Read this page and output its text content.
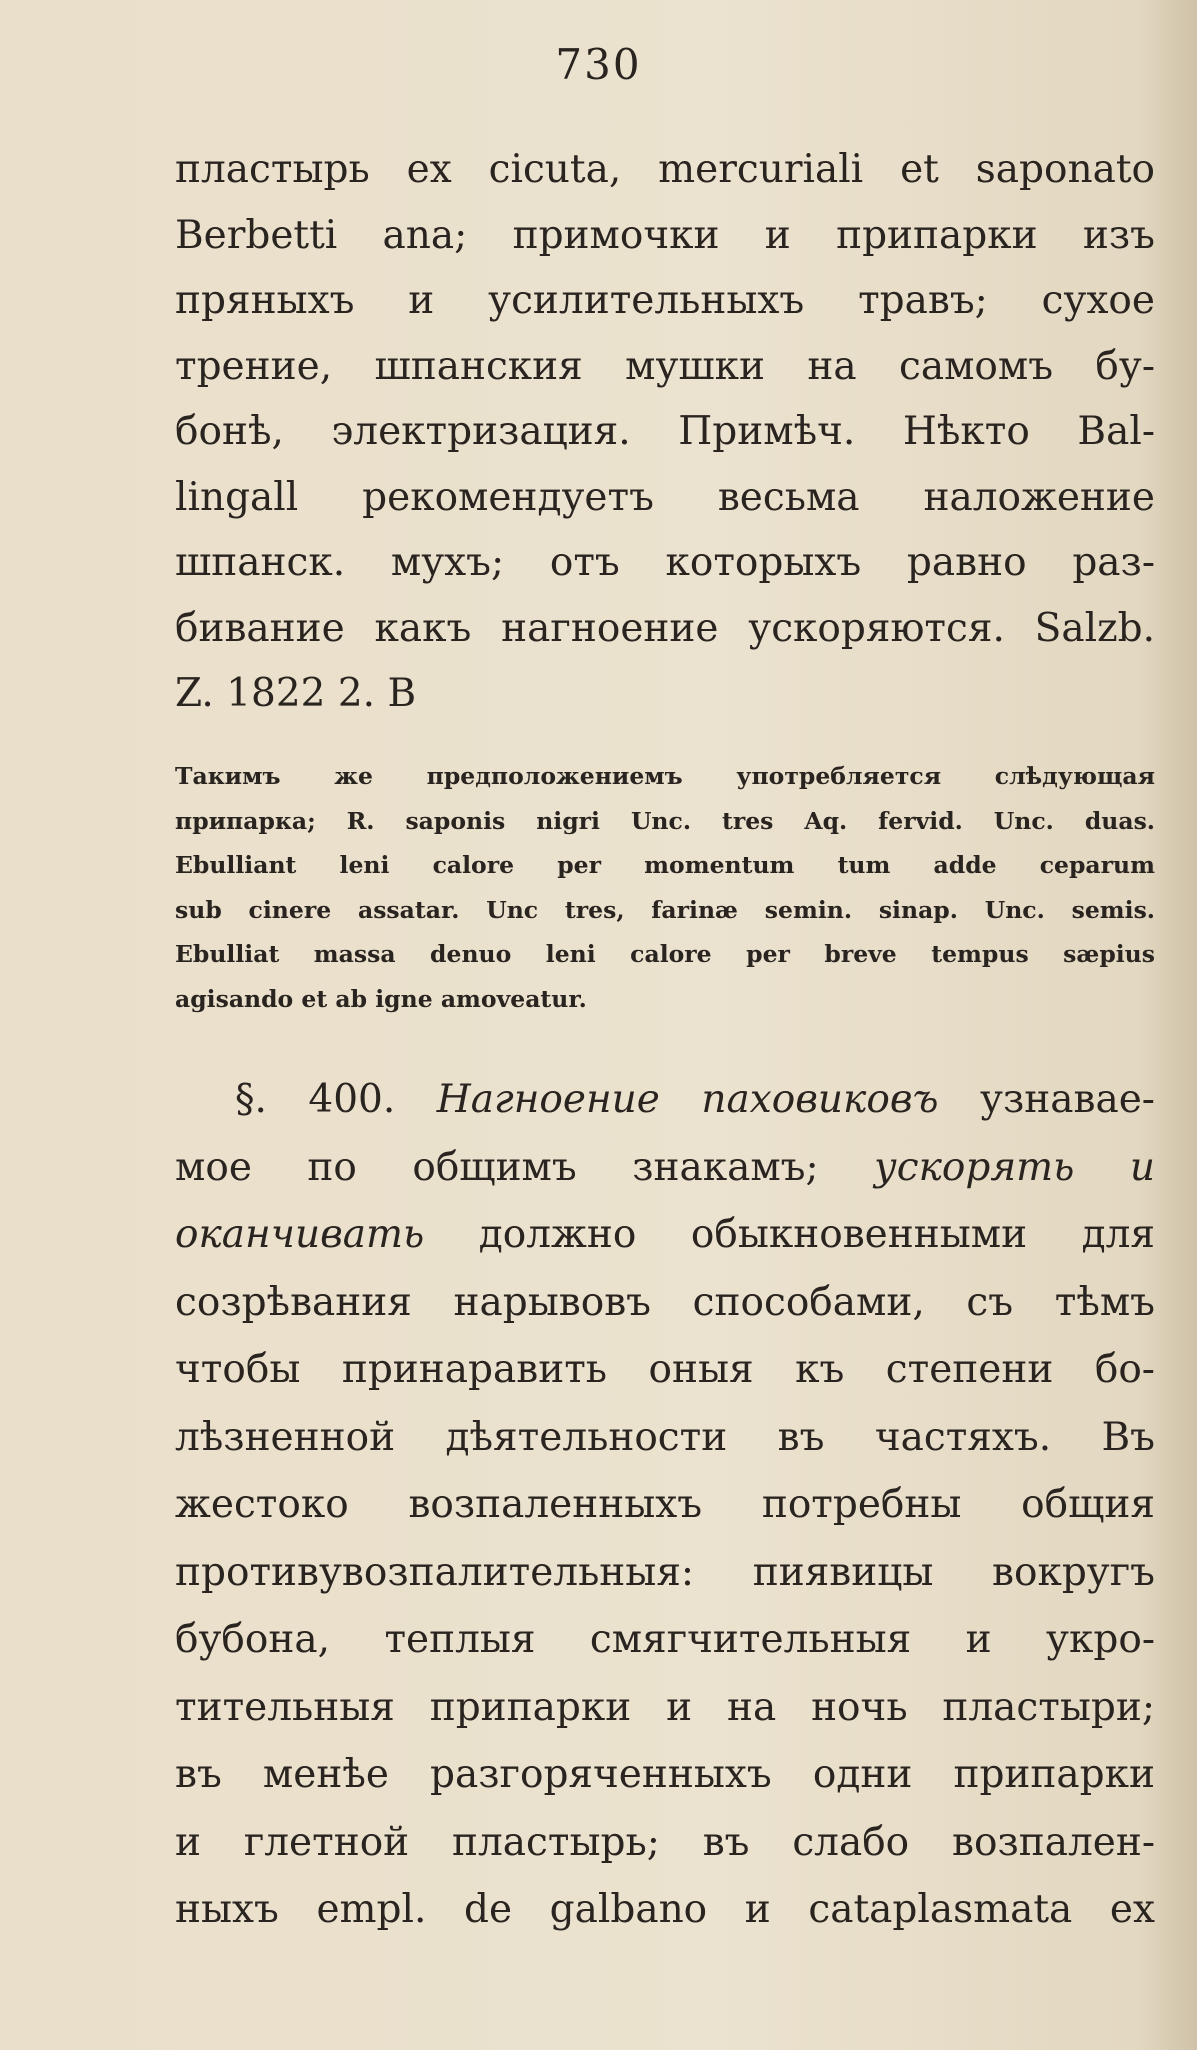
730
пластырь ex cicuta, mercuriali et saponato
Berbetti ana; примочки и припарки изъ
пряныхъ и усилительныхъ травъ; сухое
трение, шпанския мушки на самомъ бу-
бонѣ, электризация. Примѣч. Нѣкто Bal-
lingall рекомендуетъ весьма наложение
шпанск. мухъ; отъ которыхъ равно раз-
бивание какъ нагноение ускоряются. Salzb.
Z. 1822 2. B
Такимъ же предположениемъ употребляется слѣдующая
припарка; R. saponis nigri Unc. tres Aq. fervid. Unc. duas.
Ebulliant leni calore per momentum tum adde ceparum
sub cinere assatar. Unc tres, farinæ semin. sinap. Unc. semis.
Ebulliat massa denuo leni calore per breve tempus sæpius
agisando et ab igne amoveatur.
§. 400. Нагноение паховиковъ узнавае-
мое по общимъ знакамъ; ускорять и
оканчивать должно обыкновенными для
созрѣвания нарывовъ способами, съ тѣмъ
чтобы принаравить оныя къ степени бо-
лѣзненной дѣятельности въ частяхъ. Въ
жестоко возпаленныхъ потребны общия
противувозпалительныя: пиявицы вокругъ
бубона, теплыя смягчительныя и укро-
тительныя припарки и на ночь пластыри;
въ менѣе разгоряченныхъ одни припарки
и глетной пластырь; въ слабо возпален-
ныхъ empl. de galbano и cataplasmata ex
